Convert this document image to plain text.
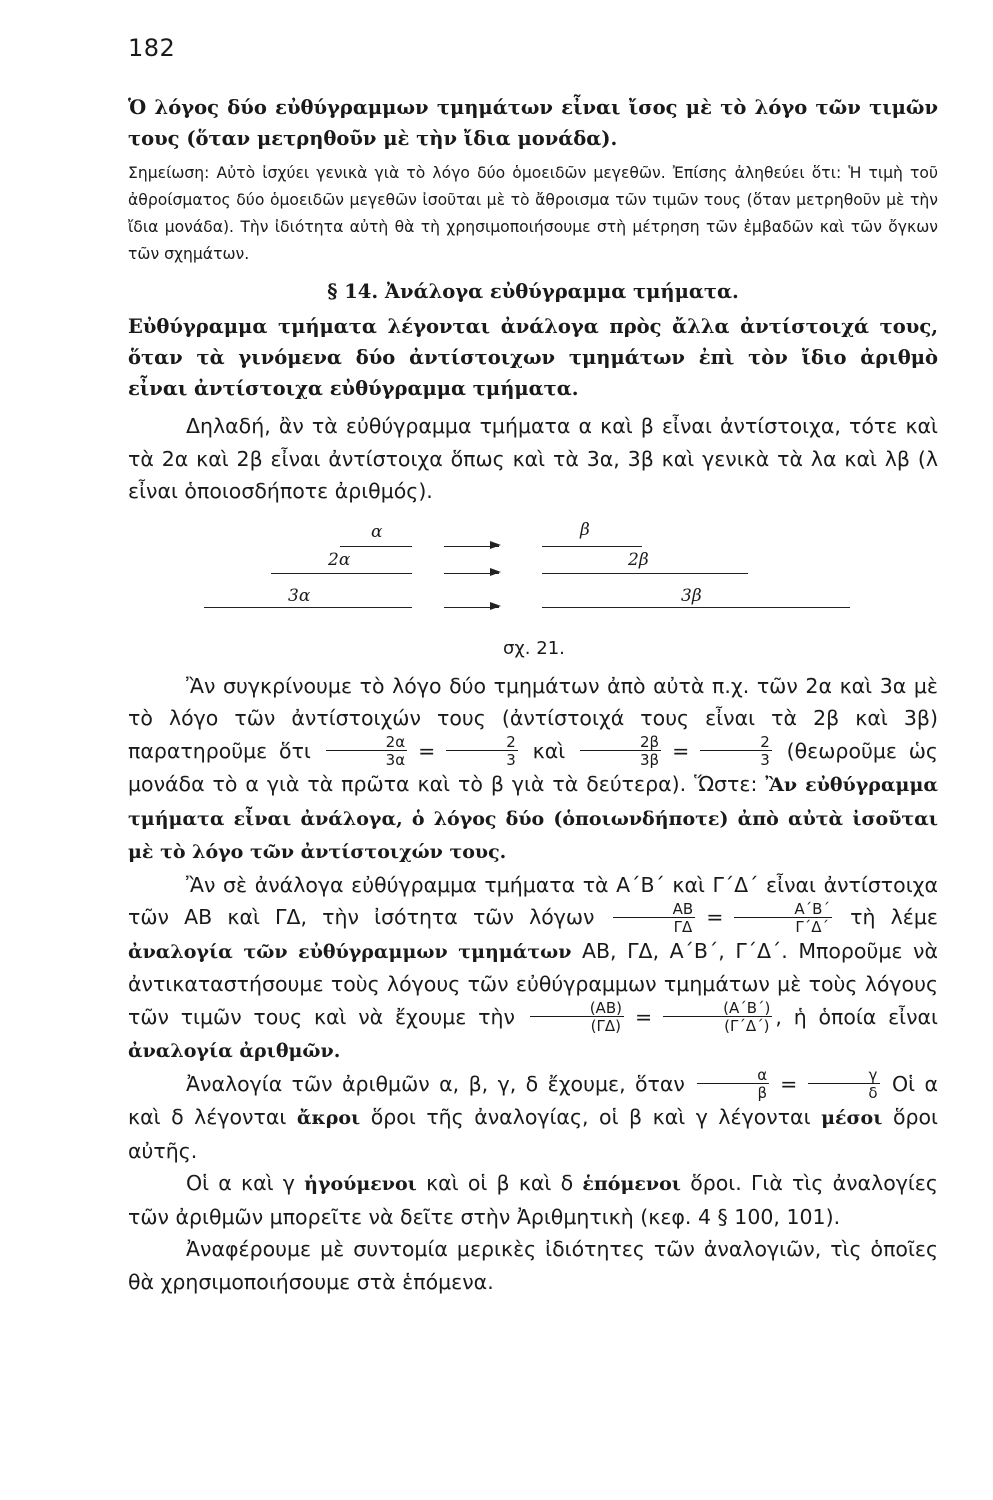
182

Ὁ λόγος δύο εὐθύγραμμων τμημάτων εἶναι ἴσος μὲ τὸ λόγο τῶν τιμῶν τους (ὅταν μετρηθοῦν μὲ τὴν ἴδια μονάδα).

Σημείωση: Αὐτὸ ἰσχύει γενικὰ γιὰ τὸ λόγο δύο ὁμοειδῶν μεγεθῶν. Ἐπίσης ἀληθεύει ὅτι: Ἡ τιμὴ τοῦ ἀθροίσματος δύο ὁμοειδῶν μεγεθῶν ἰσοῦται μὲ τὸ ἄθροισμα τῶν τιμῶν τους (ὅταν μετρηθοῦν μὲ τὴν ἴδια μονάδα). Τὴν ἰδιότητα αὐτὴ θὰ τὴ χρησιμοποιήσουμε στὴ μέτρηση τῶν ἐμβαδῶν καὶ τῶν ὄγκων τῶν σχημάτων.

§ 14. Ἀνάλογα εὐθύγραμμα τμήματα.

Εὐθύγραμμα τμήματα λέγονται ἀνάλογα πρὸς ἄλλα ἀντίστοιχά τους, ὅταν τὰ γινόμενα δύο ἀντίστοιχων τμημάτων ἐπὶ τὸν ἴδιο ἀριθμὸ εἶναι ἀντίστοιχα εὐθύγραμμα τμήματα.

Δηλαδή, ἂν τὰ εὐθύγραμμα τμήματα α καὶ β εἶναι ἀντίστοιχα, τότε καὶ τὰ 2α καὶ 2β εἶναι ἀντίστοιχα ὅπως καὶ τὰ 3α, 3β καὶ γενικὰ τὰ λα καὶ λβ (λ εἶναι ὁποιοσδήποτε ἀριθμός).

α	β
2α	2β
3α	3β
σχ. 21.

Ἂν συγκρίνουμε τὸ λόγο δύο τμημάτων ἀπὸ αὐτὰ π.χ. τῶν 2α καὶ 3α μὲ τὸ λόγο τῶν ἀντίστοιχών τους (ἀντίστοιχά τους εἶναι τὰ 2β καὶ 3β) παρατηροῦμε ὅτι $\frac{2\alpha}{3\alpha} = \frac{2}{3}$ καὶ $\frac{2\beta}{3\beta} = \frac{2}{3}$ (θεωροῦμε ὡς μονάδα τὸ α γιὰ τὰ πρῶτα καὶ τὸ β γιὰ τὰ δεύτερα). Ὥστε: Ἂν εὐθύγραμμα τμήματα εἶναι ἀνάλογα, ὁ λόγος δύο (ὁποιωνδήποτε) ἀπὸ αὐτὰ ἰσοῦται μὲ τὸ λόγο τῶν ἀντίστοιχών τους.

Ἂν σὲ ἀνάλογα εὐθύγραμμα τμήματα τὰ Α΄Β΄ καὶ Γ΄Δ΄ εἶναι ἀντίστοιχα τῶν ΑΒ καὶ ΓΔ, τὴν ἰσότητα τῶν λόγων $\frac{AB}{\Gamma\Delta} = \frac{A΄B΄}{\Gamma΄\Delta΄}$ τὴ λέμε ἀναλογία τῶν εὐθύγραμμων τμημάτων ΑΒ, ΓΔ, Α΄Β΄, Γ΄Δ΄. Μποροῦμε νὰ ἀντικαταστήσουμε τοὺς λόγους τῶν εὐθύγραμμων τμημάτων μὲ τοὺς λόγους τῶν τιμῶν τους καὶ νὰ ἔχουμε τὴν $\frac{(AB)}{(\Gamma\Delta)} = \frac{(A΄B΄)}{(\Gamma΄\Delta΄)}$ , ἡ ὁποία εἶναι ἀναλογία ἀριθμῶν.

Ἀναλογία τῶν ἀριθμῶν α, β, γ, δ ἔχουμε, ὅταν $\frac{\alpha}{\beta} = \frac{\gamma}{\delta}$ Οἱ α καὶ δ λέγονται ἄκροι ὅροι τῆς ἀναλογίας, οἱ β καὶ γ λέγονται μέσοι ὅροι αὐτῆς.

Οἱ α καὶ γ ἡγούμενοι καὶ οἱ β καὶ δ ἑπόμενοι ὅροι. Γιὰ τὶς ἀναλογίες τῶν ἀριθμῶν μπορεῖτε νὰ δεῖτε στὴν Ἀριθμητικὴ (κεφ. 4 § 100, 101).

Ἀναφέρουμε μὲ συντομία μερικὲς ἰδιότητες τῶν ἀναλογιῶν, τὶς ὁποῖες θὰ χρησιμοποιήσουμε στὰ ἑπόμενα.
